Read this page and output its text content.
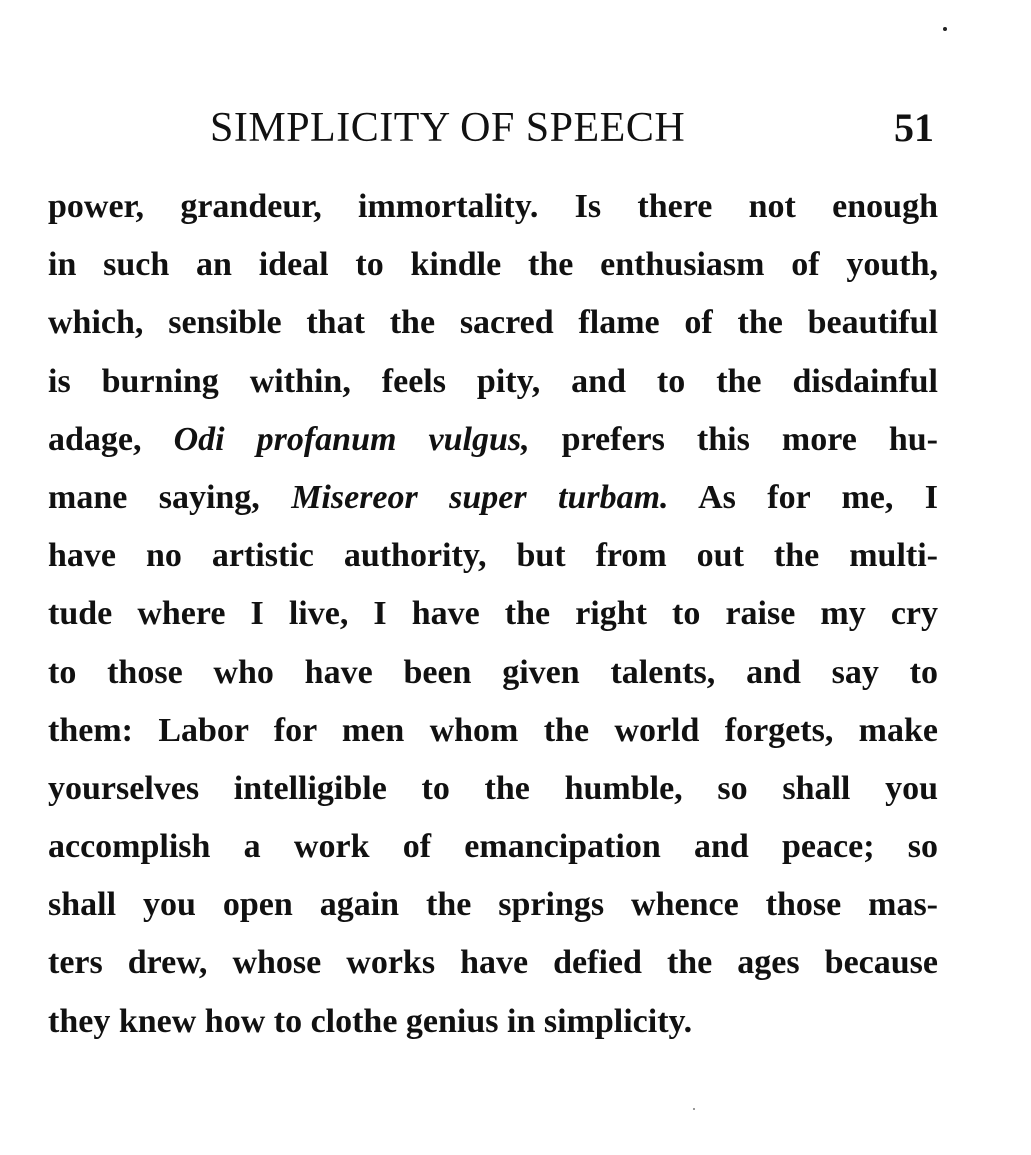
SIMPLICITY OF SPEECH	51
power, grandeur, immortality. Is there not enough
in such an ideal to kindle the enthusiasm of youth,
which, sensible that the sacred flame of the beautiful
is burning within, feels pity, and to the disdainful
adage, Odi profanum vulgus, prefers this more hu-
mane saying, Misereor super turbam. As for me, I
have no artistic authority, but from out the multi-
tude where I live, I have the right to raise my cry
to those who have been given talents, and say to
them: Labor for men whom the world forgets, make
yourselves intelligible to the humble, so shall you
accomplish a work of emancipation and peace; so
shall you open again the springs whence those mas-
ters drew, whose works have defied the ages because
they knew how to clothe genius in simplicity.
